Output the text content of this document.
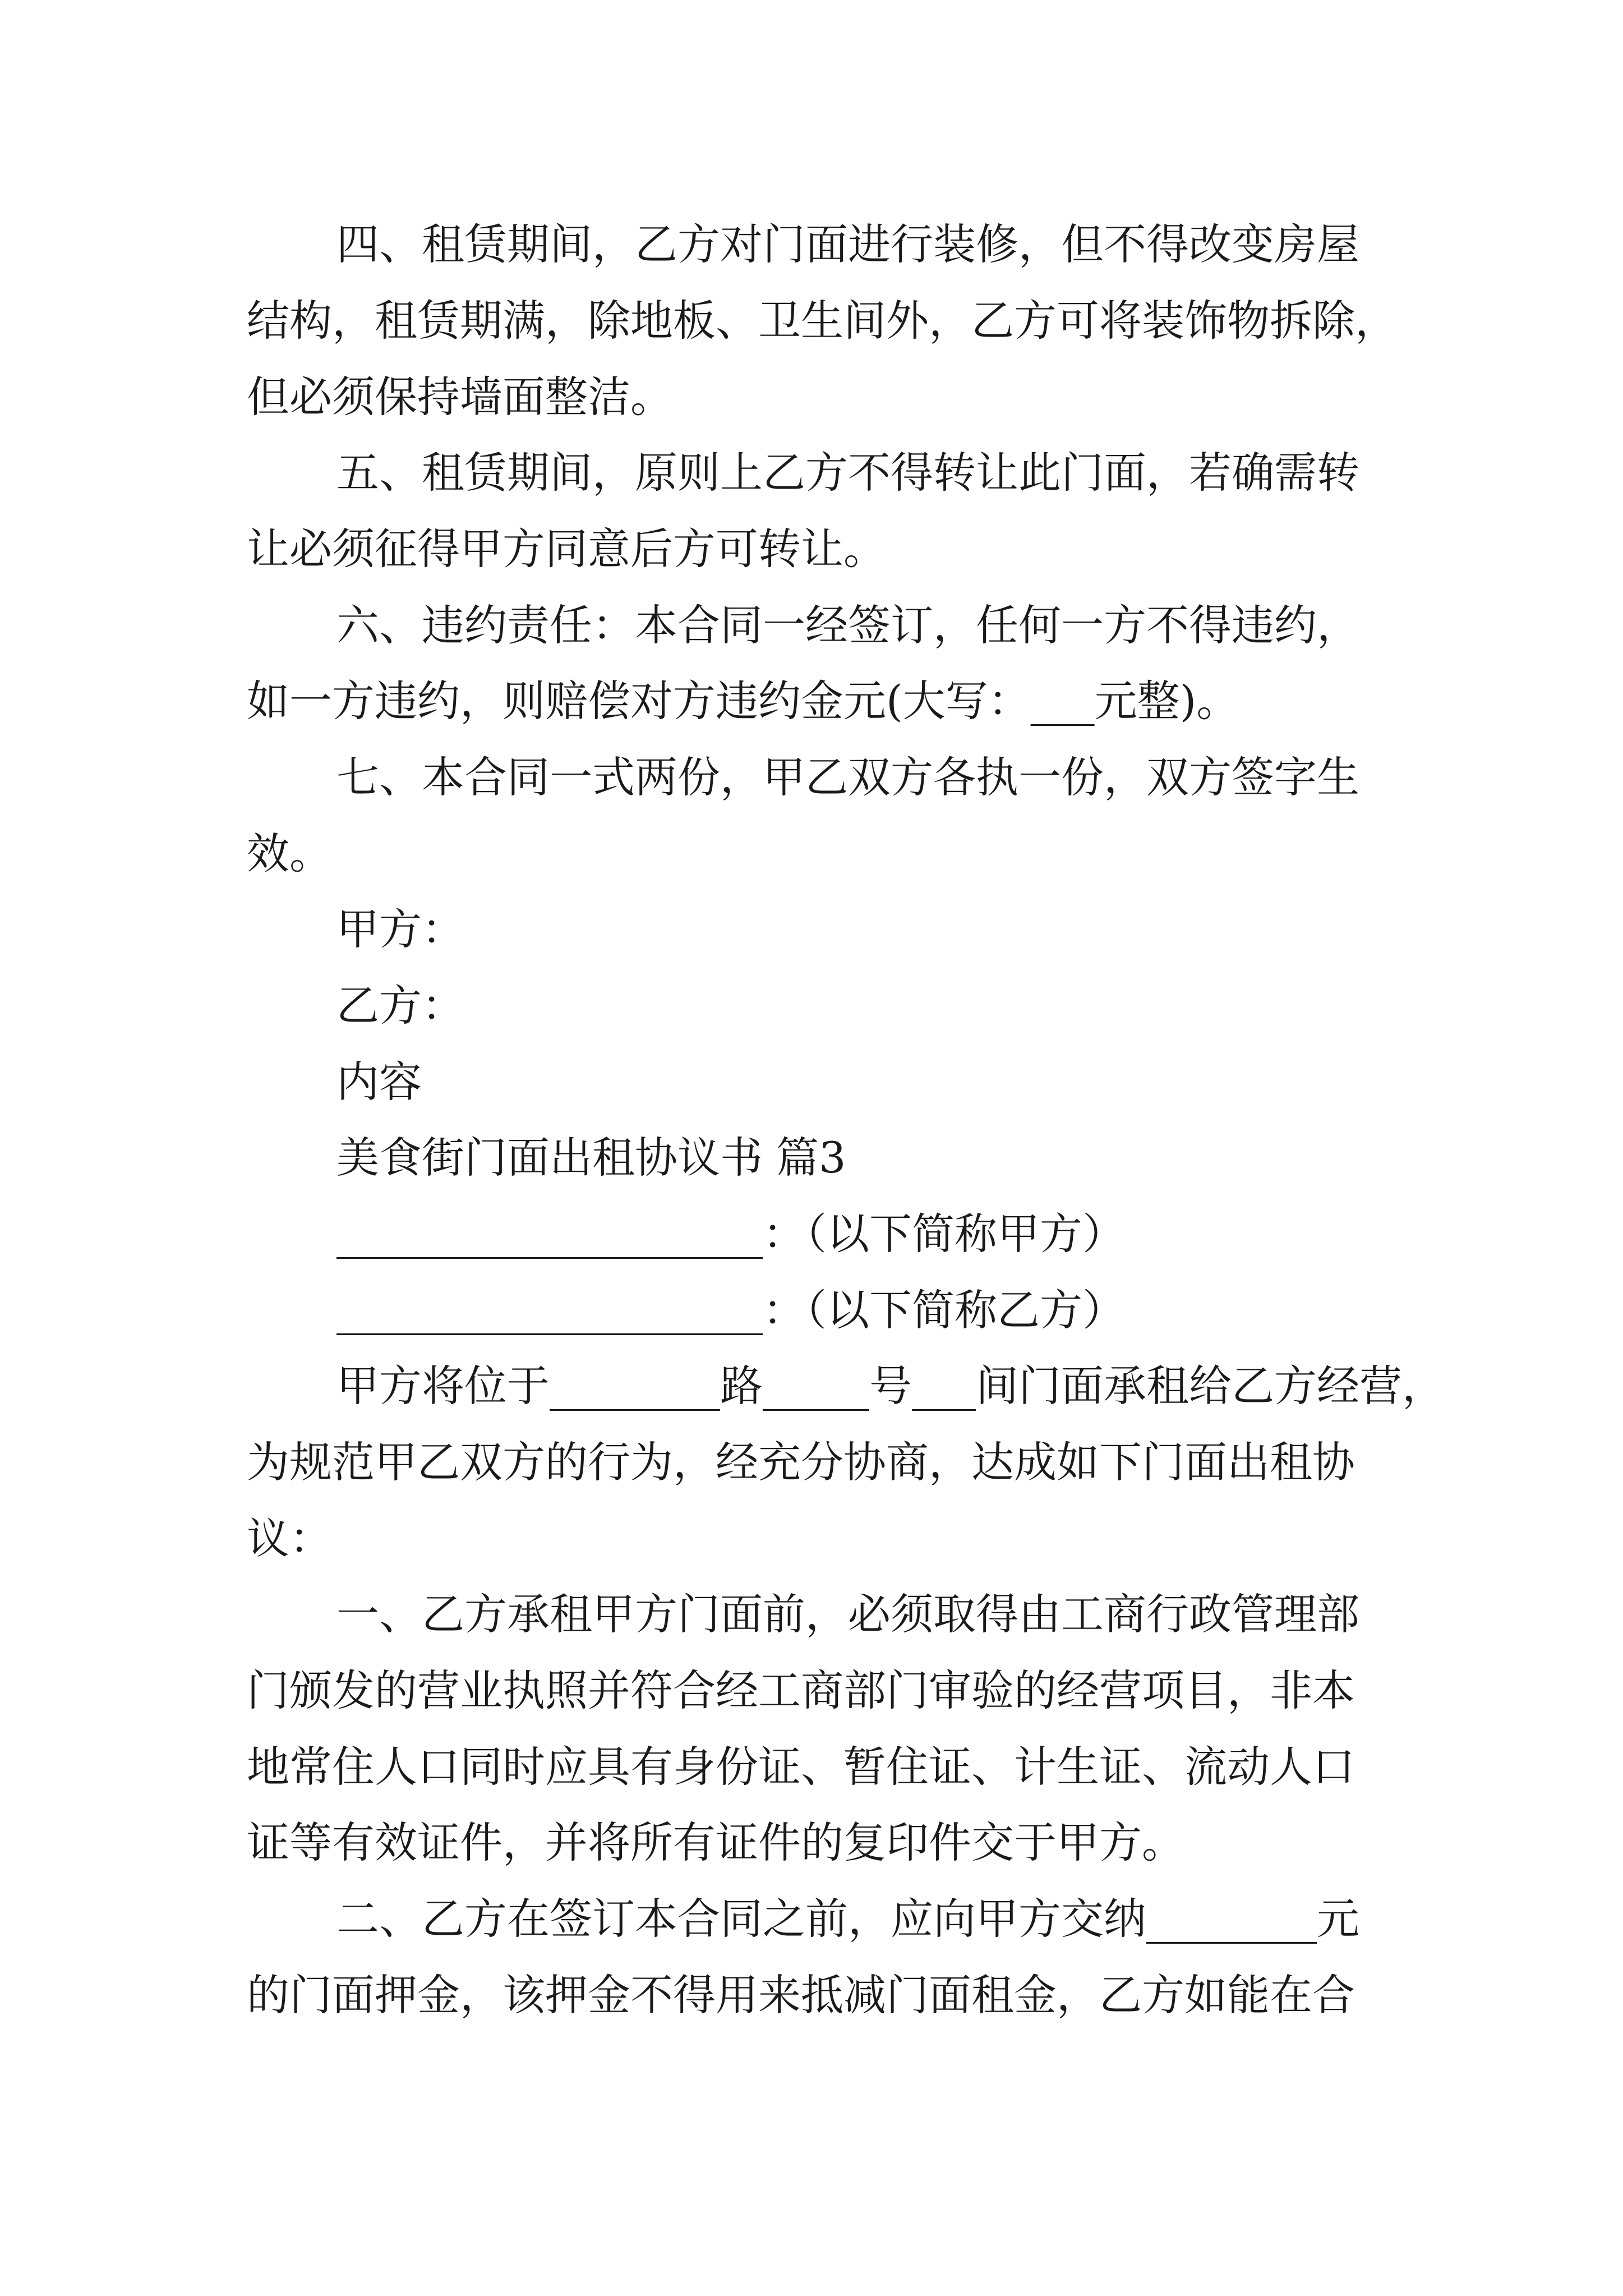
四、租赁期间，乙方对门面进行装修，但不得改变房屋

结构，租赁期满，除地板、卫生间外，乙方可将装饰物拆除，

但必须保持墙面整洁。

五、租赁期间，原则上乙方不得转让此门面，若确需转

让必须征得甲方同意后方可转让。

六、违约责任：本合同一经签订，任何一方不得违约，

如一方违约，则赔偿对方违约金元(大写：___元整)。

七、本合同一式两份，甲乙双方各执一份，双方签字生

效。

甲方：

乙方：

内容

美食街门面出租协议书 篇3

____________________：（以下简称甲方）

____________________：（以下简称乙方）

甲方将位于________路_____号___间门面承租给乙方经营，

为规范甲乙双方的行为，经充分协商，达成如下门面出租协

议：

一、乙方承租甲方门面前，必须取得由工商行政管理部

门颁发的营业执照并符合经工商部门审验的经营项目，非本

地常住人口同时应具有身份证、暂住证、计生证、流动人口

证等有效证件，并将所有证件的复印件交于甲方。

二、乙方在签订本合同之前，应向甲方交纳________元

的门面押金，该押金不得用来抵减门面租金，乙方如能在合
